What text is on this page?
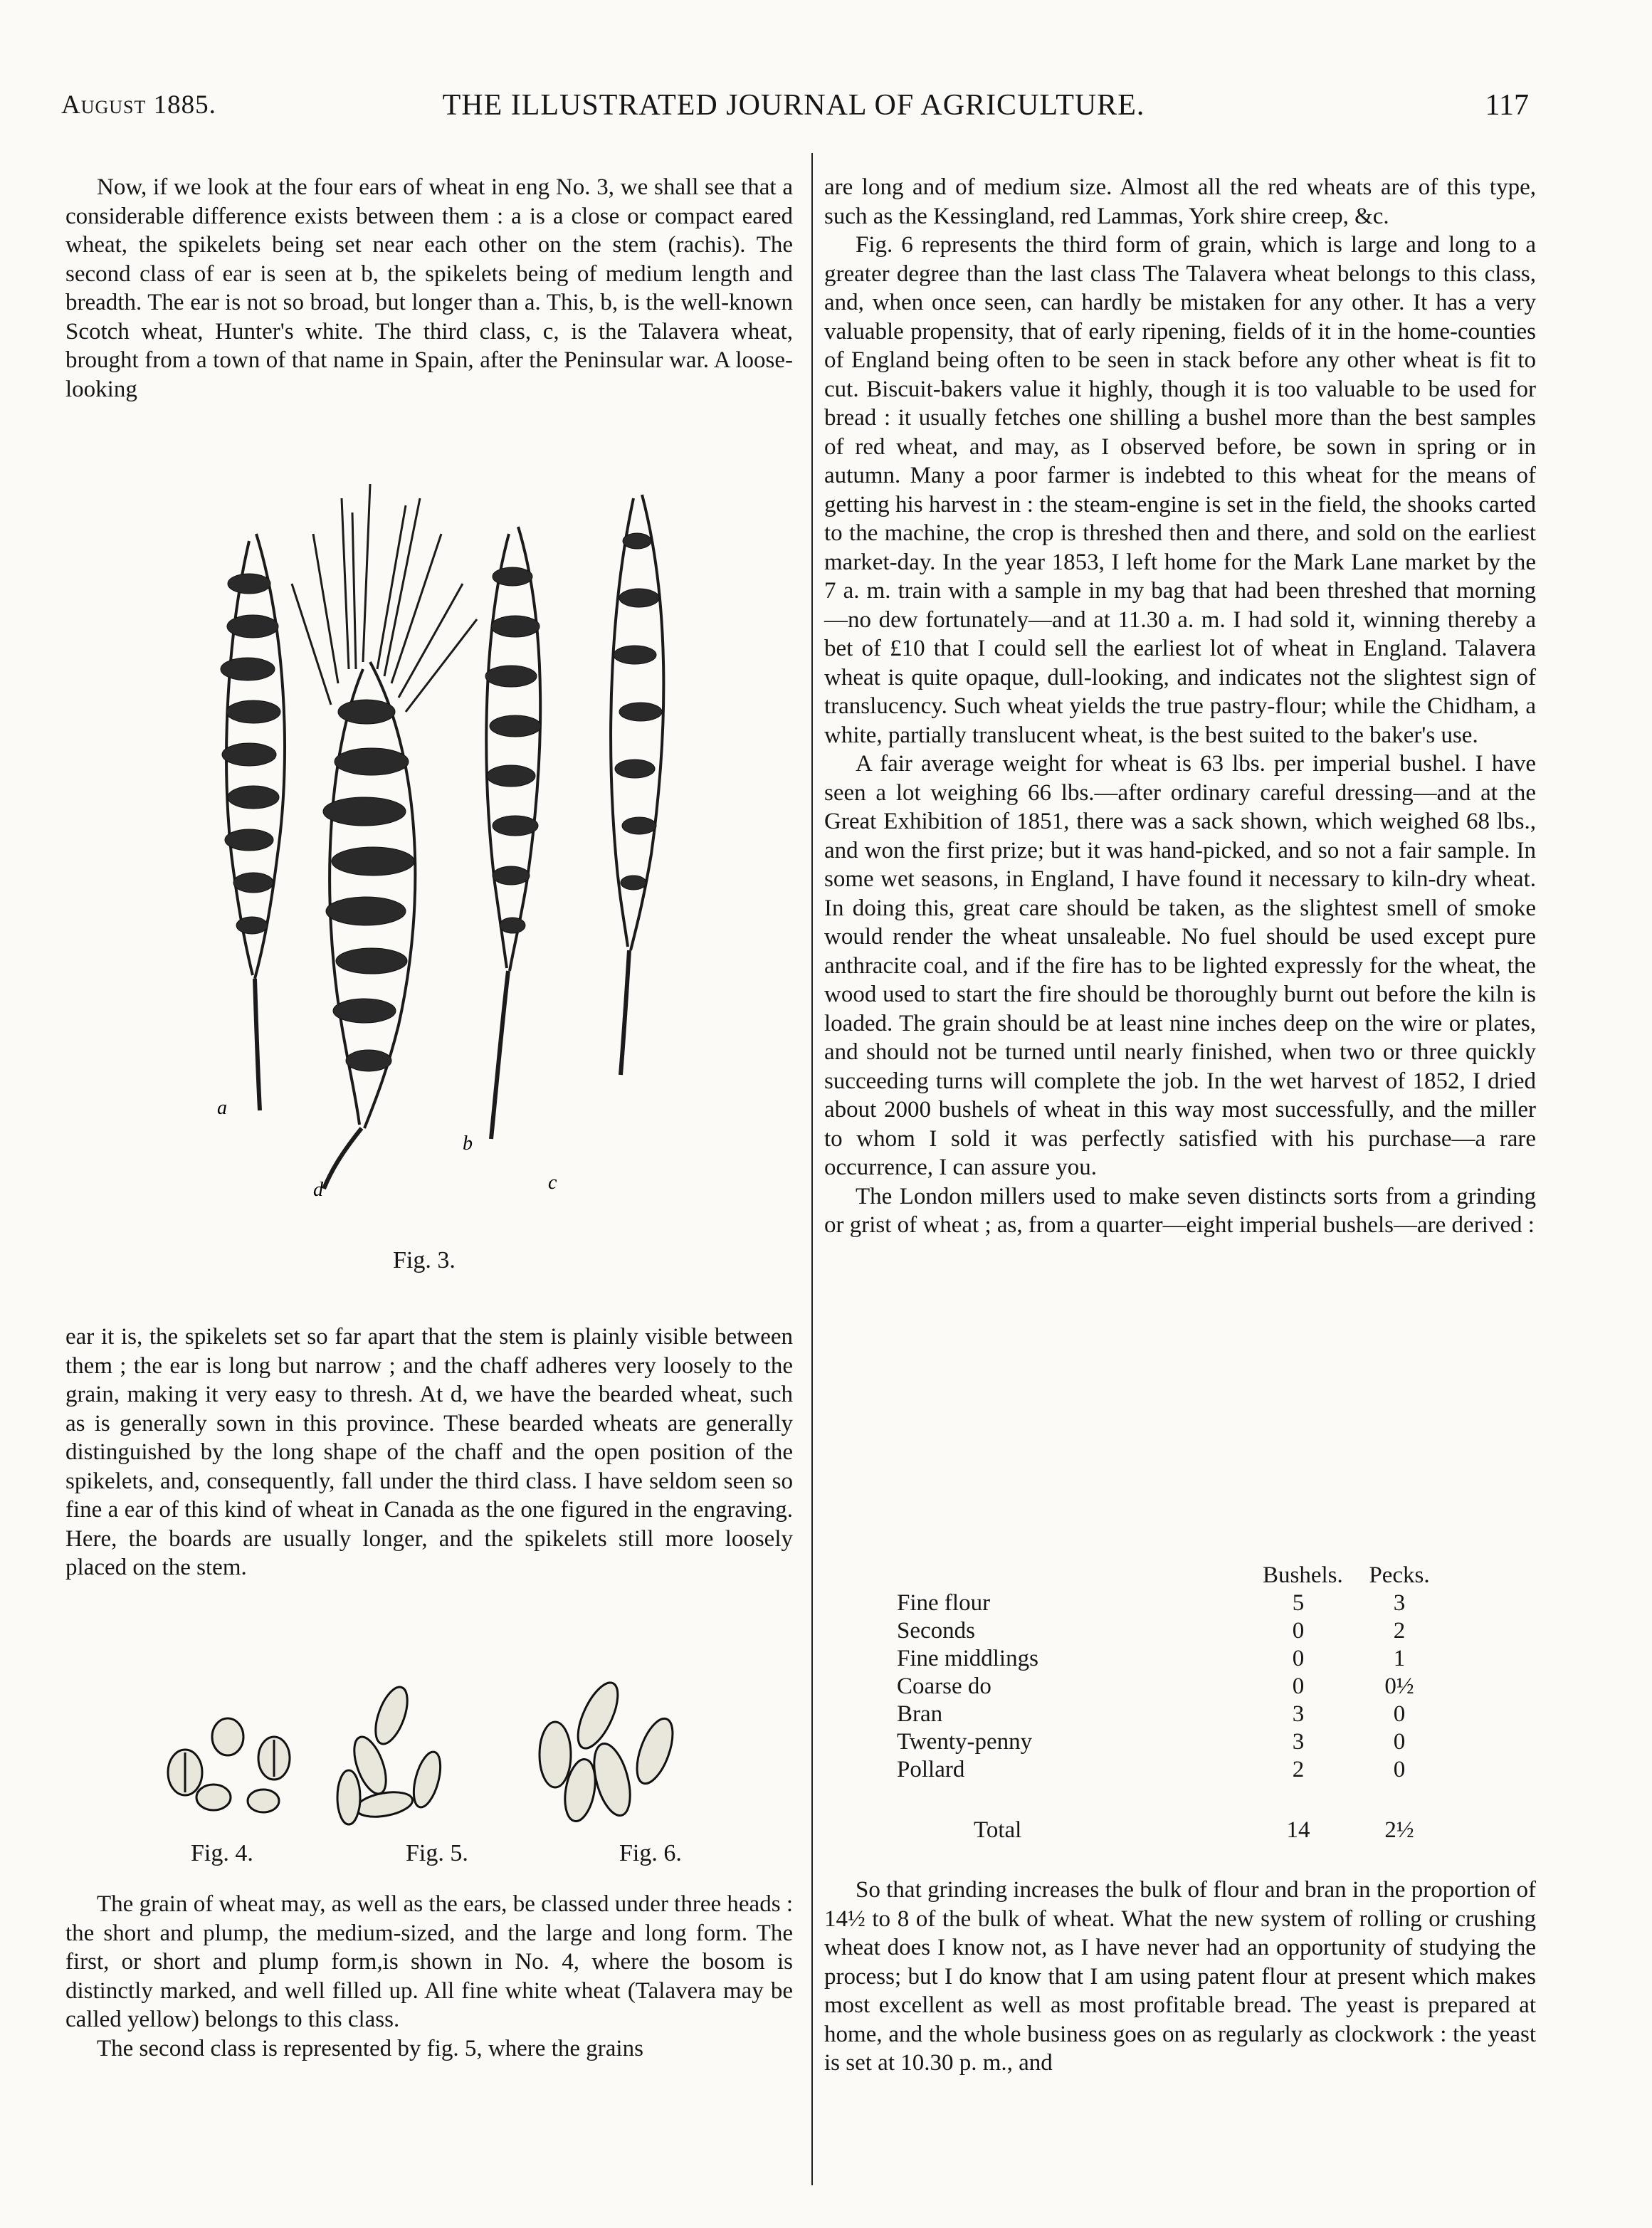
August 1885.	THE ILLUSTRATED JOURNAL OF AGRICULTURE.	117

Now, if we look at the four ears of wheat in eng No. 3, we shall see that a considerable difference exists between them : a is a close or compact eared wheat, the spikelets being set near each other on the stem (rachis). The second class of ear is seen at b, the spikelets being of medium length and breadth. The ear is not so broad, but longer than a. This, b, is the well-known Scotch wheat, Hunter's white. The third class, c, is the Talavera wheat, brought from a town of that name in Spain, after the Peninsular war. A loose-looking

a
d
b
c
Fig. 3.

ear it is, the spikelets set so far apart that the stem is plainly visible between them ; the ear is long but narrow ; and the chaff adheres very loosely to the grain, making it very easy to thresh. At d, we have the bearded wheat, such as is generally sown in this province. These bearded wheats are generally distinguished by the long shape of the chaff and the open position of the spikelets, and, consequently, fall under the third class. I have seldom seen so fine a ear of this kind of wheat in Canada as the one figured in the engraving. Here, the boards are usually longer, and the spikelets still more loosely placed on the stem.

Fig. 4.	Fig. 5.	Fig. 6.

The grain of wheat may, as well as the ears, be classed under three heads : the short and plump, the medium-sized, and the large and long form. The first, or short and plump form,is shown in No. 4, where the bosom is distinctly marked, and well filled up. All fine white wheat (Talavera may be called yellow) belongs to this class.

The second class is represented by fig. 5, where the grains

are long and of medium size. Almost all the red wheats are of this type, such as the Kessingland, red Lammas, York shire creep, &c.

Fig. 6 represents the third form of grain, which is large and long to a greater degree than the last class The Talavera wheat belongs to this class, and, when once seen, can hardly be mistaken for any other. It has a very valuable propensity, that of early ripening, fields of it in the home-counties of England being often to be seen in stack before any other wheat is fit to cut. Biscuit-bakers value it highly, though it is too valuable to be used for bread : it usually fetches one shilling a bushel more than the best samples of red wheat, and may, as I observed before, be sown in spring or in autumn. Many a poor farmer is indebted to this wheat for the means of getting his harvest in : the steam-engine is set in the field, the shooks carted to the machine, the crop is threshed then and there, and sold on the earliest market-day. In the year 1853, I left home for the Mark Lane market by the 7 a. m. train with a sample in my bag that had been threshed that morning—no dew fortunately—and at 11.30 a. m. I had sold it, winning thereby a bet of £10 that I could sell the earliest lot of wheat in England. Talavera wheat is quite opaque, dull-looking, and indicates not the slightest sign of translucency. Such wheat yields the true pastry-flour; while the Chidham, a white, partially translucent wheat, is the best suited to the baker's use.

A fair average weight for wheat is 63 lbs. per imperial bushel. I have seen a lot weighing 66 lbs.—after ordinary careful dressing—and at the Great Exhibition of 1851, there was a sack shown, which weighed 68 lbs., and won the first prize; but it was hand-picked, and so not a fair sample. In some wet seasons, in England, I have found it necessary to kiln-dry wheat. In doing this, great care should be taken, as the slightest smell of smoke would render the wheat unsaleable. No fuel should be used except pure anthracite coal, and if the fire has to be lighted expressly for the wheat, the wood used to start the fire should be thoroughly burnt out before the kiln is loaded. The grain should be at least nine inches deep on the wire or plates, and should not be turned until nearly finished, when two or three quickly succeeding turns will complete the job. In the wet harvest of 1852, I dried about 2000 bushels of wheat in this way most successfully, and the miller to whom I sold it was perfectly satisfied with his purchase—a rare occurrence, I can assure you.

The London millers used to make seven distincts sorts from a grinding or grist of wheat ; as, from a quarter—eight imperial bushels—are derived :

Bushels.	Pecks.
Fine flour	5	3
Seconds	0	2
Fine middlings	0	1
Coarse do	0	0½
Bran	3	0
Twenty-penny	3	0
Pollard	2	0
Total	14	2½

So that grinding increases the bulk of flour and bran in the proportion of 14½ to 8 of the bulk of wheat. What the new system of rolling or crushing wheat does I know not, as I have never had an opportunity of studying the process; but I do know that I am using patent flour at present which makes most excellent as well as most profitable bread. The yeast is prepared at home, and the whole business goes on as regularly as clockwork : the yeast is set at 10.30 p. m., and
